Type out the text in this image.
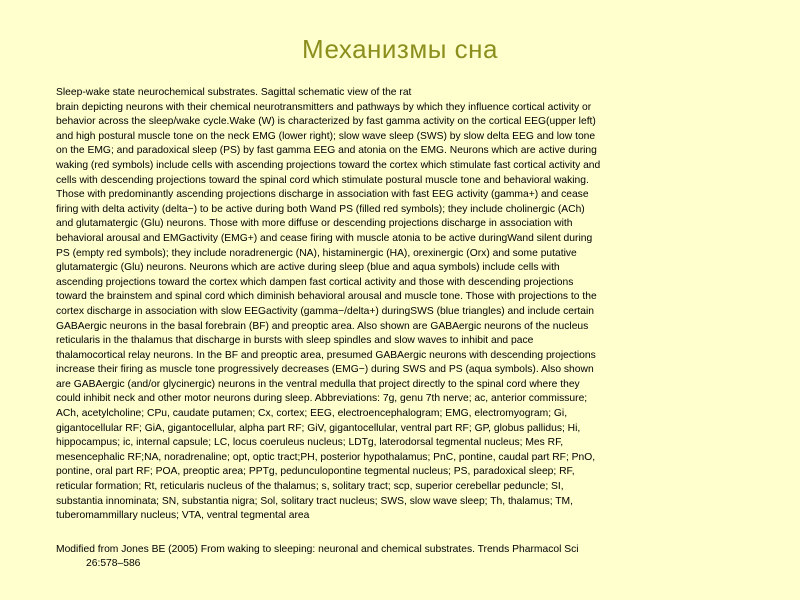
Механизмы сна
Sleep-wake state neurochemical substrates. Sagittal schematic view of the rat
brain depicting neurons with their chemical neurotransmitters and pathways by which they influence cortical activity or
behavior across the sleep/wake cycle.Wake (W) is characterized by fast gamma activity on the cortical EEG(upper left)
and high postural muscle tone on the neck EMG (lower right); slow wave sleep (SWS) by slow delta EEG and low tone
on the EMG; and paradoxical sleep (PS) by fast gamma EEG and atonia on the EMG. Neurons which are active during
waking (red symbols) include cells with ascending projections toward the cortex which stimulate fast cortical activity and
cells with descending projections toward the spinal cord which stimulate postural muscle tone and behavioral waking.
Those with predominantly ascending projections discharge in association with fast EEG activity (gamma+) and cease
firing with delta activity (delta−) to be active during both Wand PS (filled red symbols); they include cholinergic (ACh)
and glutamatergic (Glu) neurons. Those with more diffuse or descending projections discharge in association with
behavioral arousal and EMGactivity (EMG+) and cease firing with muscle atonia to be active duringWand silent during
PS (empty red symbols); they include noradrenergic (NA), histaminergic (HA), orexinergic (Orx) and some putative
glutamatergic (Glu) neurons. Neurons which are active during sleep (blue and aqua symbols) include cells with
ascending projections toward the cortex which dampen fast cortical activity and those with descending projections
toward the brainstem and spinal cord which diminish behavioral arousal and muscle tone. Those with projections to the
cortex discharge in association with slow EEGactivity (gamma−/delta+) duringSWS (blue triangles) and include certain
GABAergic neurons in the basal forebrain (BF) and preoptic area. Also shown are GABAergic neurons of the nucleus
reticularis in the thalamus that discharge in bursts with sleep spindles and slow waves to inhibit and pace
thalamocortical relay neurons. In the BF and preoptic area, presumed GABAergic neurons with descending projections
increase their firing as muscle tone progressively decreases (EMG−) during SWS and PS (aqua symbols). Also shown
are GABAergic (and/or glycinergic) neurons in the ventral medulla that project directly to the spinal cord where they
could inhibit neck and other motor neurons during sleep. Abbreviations: 7g, genu 7th nerve; ac, anterior commissure;
ACh, acetylcholine; CPu, caudate putamen; Cx, cortex; EEG, electroencephalogram; EMG, electromyogram; Gi,
gigantocellular RF; GiA, gigantocellular, alpha part RF; GiV, gigantocellular, ventral part RF; GP, globus pallidus; Hi,
hippocampus; ic, internal capsule; LC, locus coeruleus nucleus; LDTg, laterodorsal tegmental nucleus; Mes RF,
mesencephalic RF;NA, noradrenaline; opt, optic tract;PH, posterior hypothalamus; PnC, pontine, caudal part RF; PnO,
pontine, oral part RF; POA, preoptic area; PPTg, pedunculopontine tegmental nucleus; PS, paradoxical sleep; RF,
reticular formation; Rt, reticularis nucleus of the thalamus; s, solitary tract; scp, superior cerebellar peduncle; SI,
substantia innominata; SN, substantia nigra; Sol, solitary tract nucleus; SWS, slow wave sleep; Th, thalamus; TM,
tuberomammillary nucleus; VTA, ventral tegmental area
Modified from Jones BE (2005) From waking to sleeping: neuronal and chemical substrates. Trends Pharmacol Sci
26:578–586
